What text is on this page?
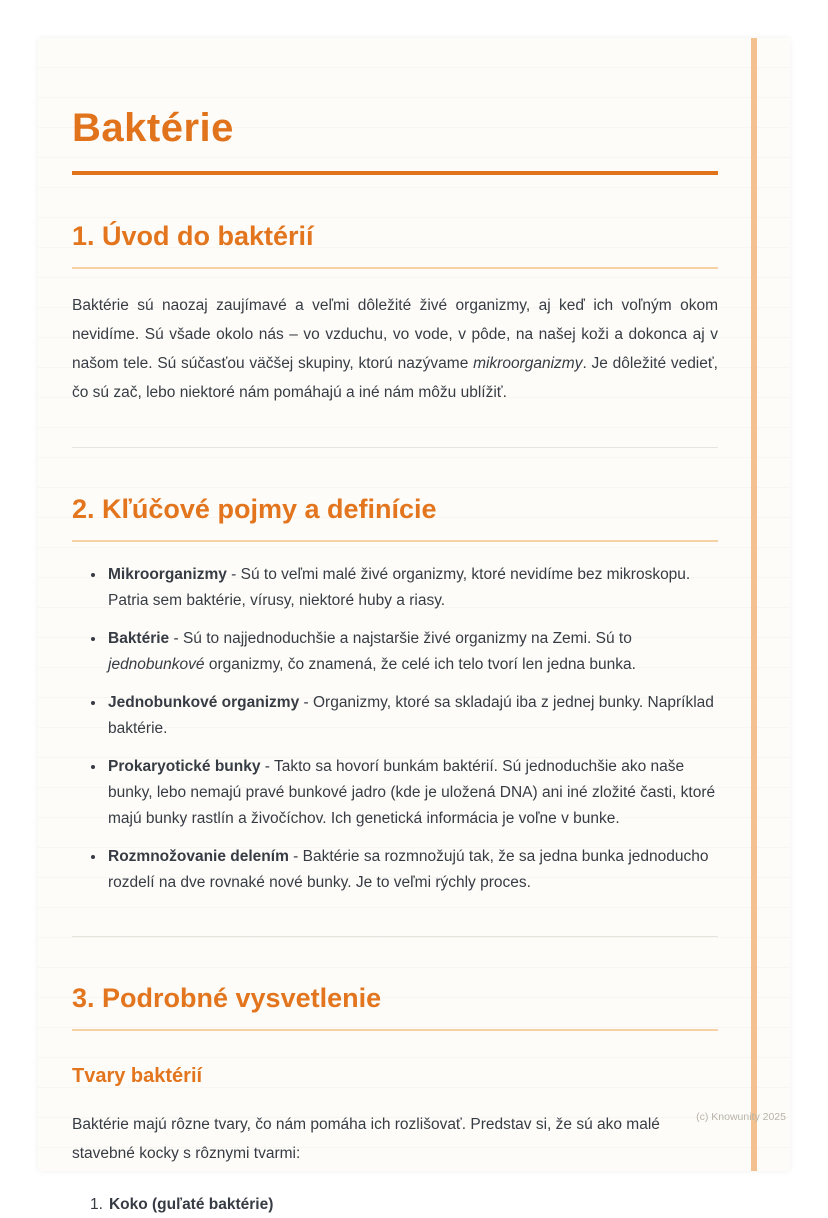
Baktérie
1. Úvod do baktérií

Baktérie sú naozaj zaujímavé a veľmi dôležité živé organizmy, aj keď ich voľným okom nevidíme. Sú všade okolo nás – vo vzduchu, vo vode, v pôde, na našej koži a dokonca aj v našom tele. Sú súčasťou väčšej skupiny, ktorú nazývame mikroorganizmy. Je dôležité vedieť, čo sú zač, lebo niektoré nám pomáhajú a iné nám môžu ublížiť.

2. Kľúčové pojmy a definície
• Mikroorganizmy - Sú to veľmi malé živé organizmy, ktoré nevidíme bez mikroskopu. Patria sem baktérie, vírusy, niektoré huby a riasy.
• Baktérie - Sú to najjednoduchšie a najstaršie živé organizmy na Zemi. Sú to jednobunkové organizmy, čo znamená, že celé ich telo tvorí len jedna bunka.
• Jednobunkové organizmy - Organizmy, ktoré sa skladajú iba z jednej bunky. Napríklad baktérie.
• Prokaryotické bunky - Takto sa hovorí bunkám baktérií. Sú jednoduchšie ako naše bunky, lebo nemajú pravé bunkové jadro (kde je uložená DNA) ani iné zložité časti, ktoré majú bunky rastlín a živočíchov. Ich genetická informácia je voľne v bunke.
• Rozmnožovanie delením - Baktérie sa rozmnožujú tak, že sa jedna bunka jednoducho rozdelí na dve rovnaké nové bunky. Je to veľmi rýchly proces.
3. Podrobné vysvetlenie
Tvary baktérií

Baktérie majú rôzne tvary, čo nám pomáha ich rozlišovať. Predstav si, že sú ako malé stavebné kocky s rôznymi tvarmi:

1. Koko (guľaté baktérie)
(c) Knowunity 2025
